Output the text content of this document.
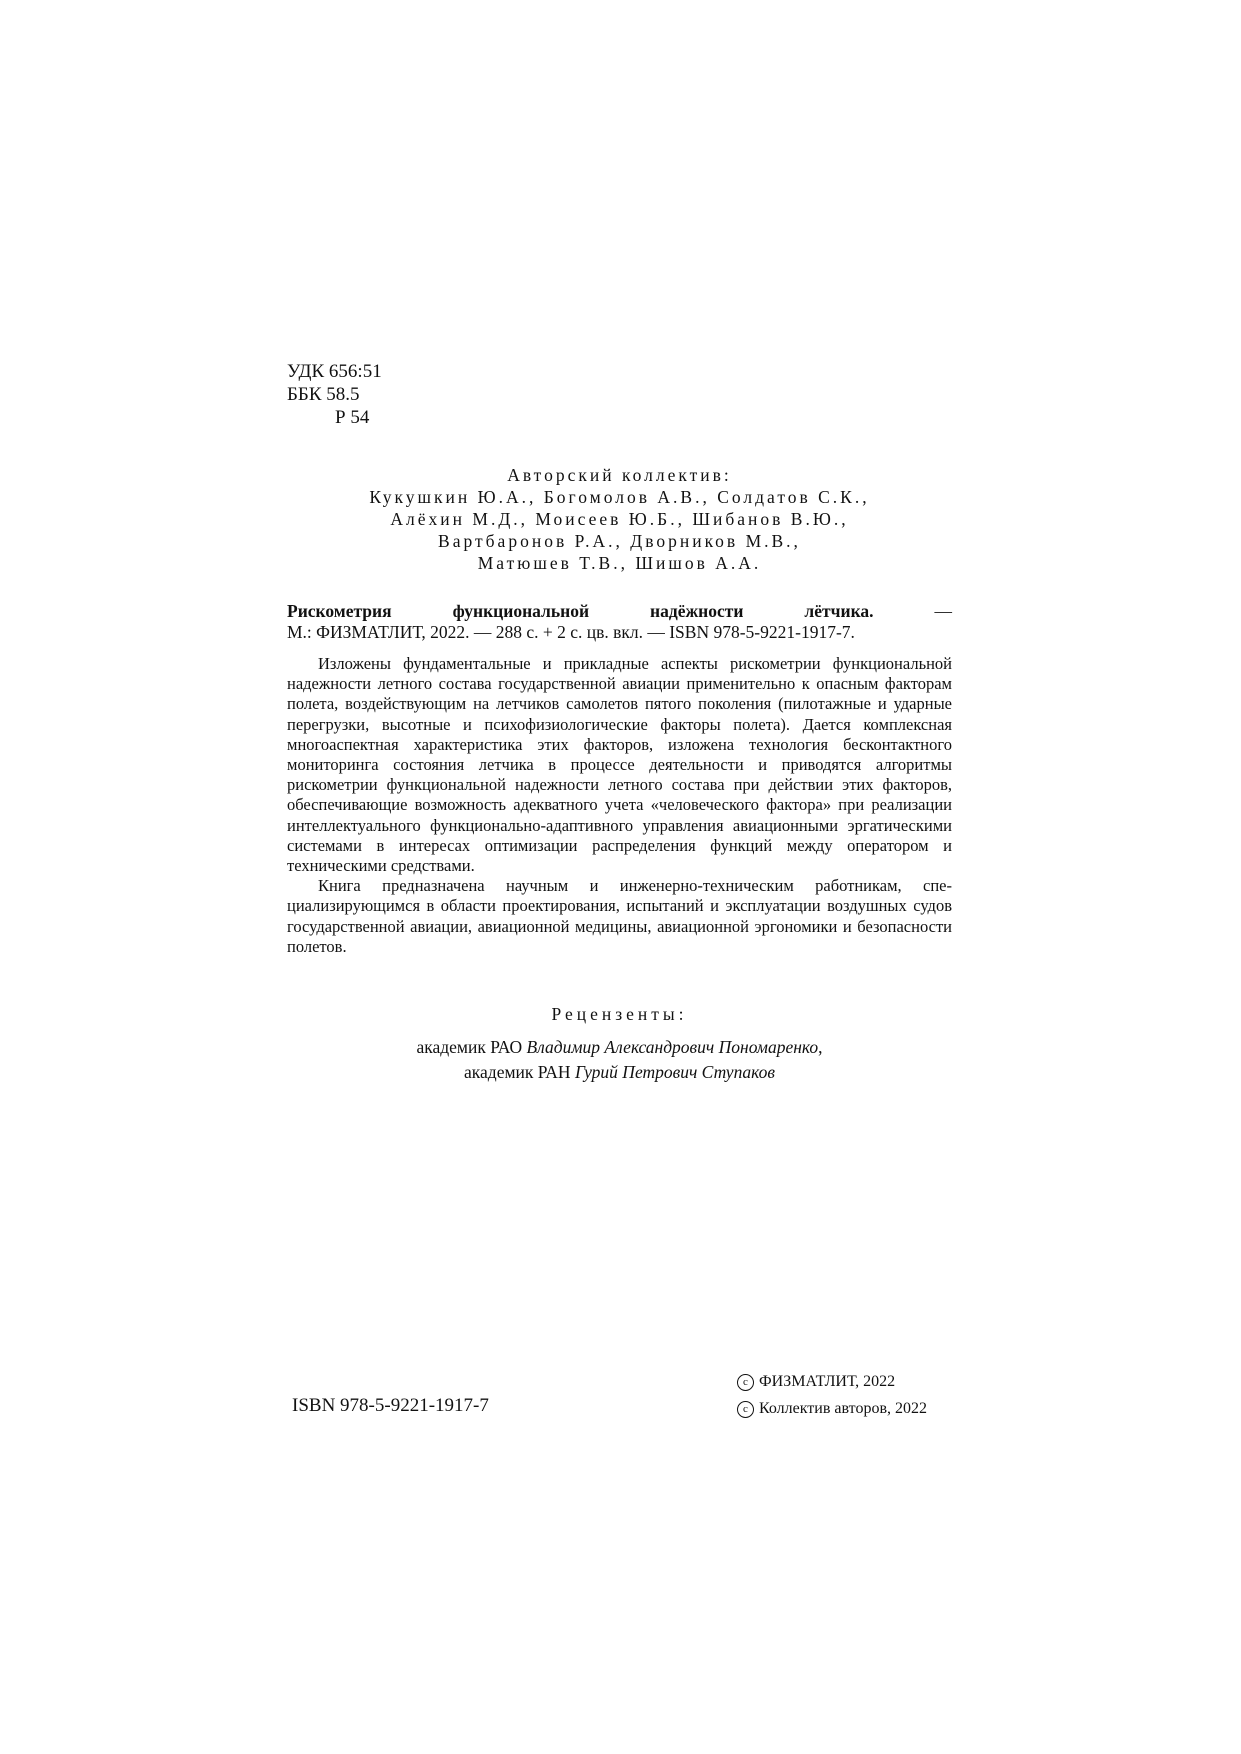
УДК 656:51
ББК 58.5
Р 54
Авторский коллектив:
Кукушкин Ю.А., Богомолов А.В., Солдатов С.К.,
Алёхин М.Д., Моисеев Ю.Б., Шибанов В.Ю.,
Вартбаронов Р.А., Дворников М.В.,
Матюшев Т.В., Шишов А.А.
Рискометрия функциональной надёжности лётчика.	—
М.: ФИЗМАТЛИТ, 2022. — 288 с. + 2 с. цв. вкл. — ISBN 978-5-9221-1917-7.

Изложены фундаментальные и прикладные аспекты рискометрии функциональной надежности летного состава государственной авиации применительно к опасным факторам полета, воздействующим на летчиков самолетов пятого поколения (пилотажные и ударные перегрузки, высотные и психофизиологические факторы полета). Дается комплексная многоаспектная характеристика этих факторов, изложена технология бесконтактного мониторинга состояния летчика в процессе деятельности и приводятся алгоритмы рискометрии функциональной надежности летного состава при действии этих факторов, обеспечивающие возможность адекватного учета «человеческого фактора» при реализации интеллектуального функционально-адаптивного управления авиационными эргатическими системами в интересах оптимизации распределения функций между оператором и техническими средствами.

Книга предназначена научным и инженерно-техническим работникам, специализирующимся в области проектирования, испытаний и эксплуатации воздушных судов государственной авиации, авиационной медицины, авиационной эргономики и безопасности полетов.

Рецензенты:
академик РАО Владимир Александрович Пономаренко,
академик РАН Гурий Петрович Ступаков
ISBN 978-5-9221-1917-7
c ФИЗМАТЛИТ, 2022
c Коллектив авторов, 2022
